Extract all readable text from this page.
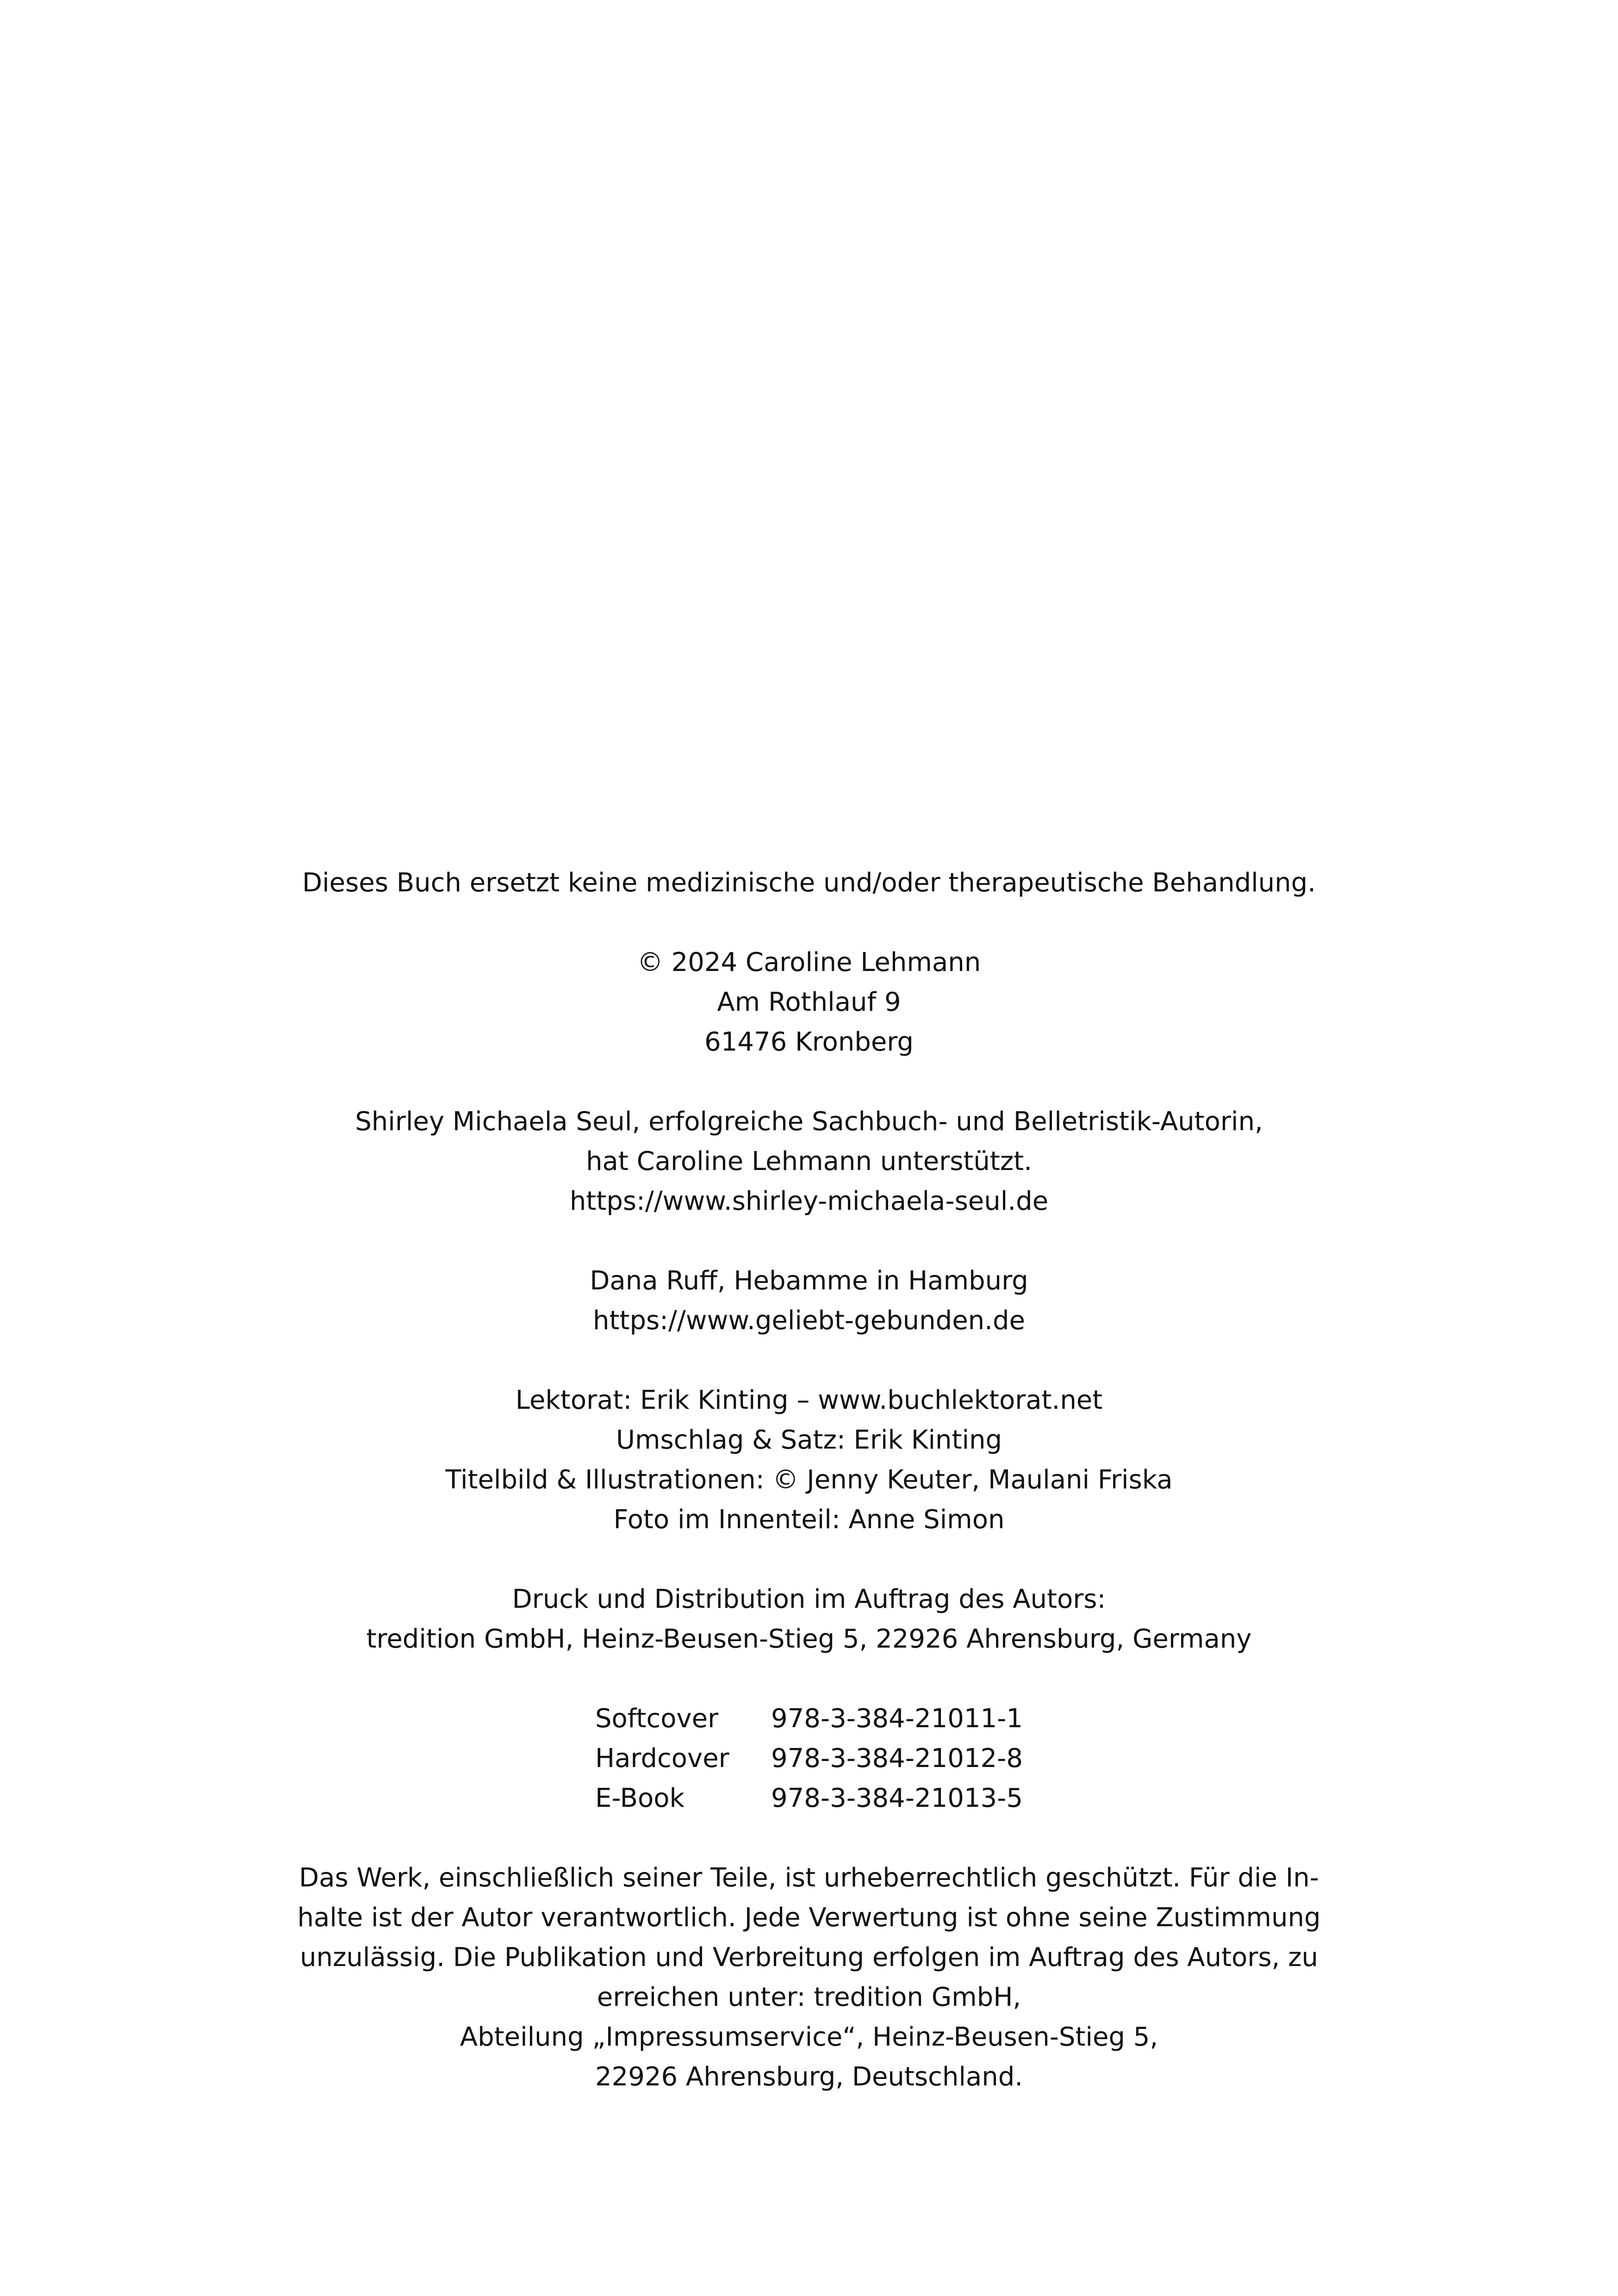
Dieses Buch ersetzt keine medizinische und/oder therapeutische Behandlung.
© 2024 Caroline Lehmann
Am Rothlauf 9
61476 Kronberg
Shirley Michaela Seul, erfolgreiche Sachbuch- und Belletristik-Autorin,
hat Caroline Lehmann unterstützt.
https://www.shirley-michaela-seul.de
Dana Ruff, Hebamme in Hamburg
https://www.geliebt-gebunden.de
Lektorat: Erik Kinting – www.buchlektorat.net
Umschlag & Satz: Erik Kinting
Titelbild & Illustrationen: © Jenny Keuter, Maulani Friska
Foto im Innenteil: Anne Simon
Druck und Distribution im Auftrag des Autors:
tredition GmbH, Heinz-Beusen-Stieg 5, 22926 Ahrensburg, Germany
Softcover 978-3-384-21011-1
Hardcover 978-3-384-21012-8
E-Book	978-3-384-21013-5
Das Werk, einschließlich seiner Teile, ist urheberrechtlich geschützt. Für die In-
halte ist der Autor verantwortlich. Jede Verwertung ist ohne seine Zustimmung
unzulässig. Die Publikation und Verbreitung erfolgen im Auftrag des Autors, zu
erreichen unter: tredition GmbH,
Abteilung „Impressumservice“, Heinz-Beusen-Stieg 5,
22926 Ahrensburg, Deutschland.
